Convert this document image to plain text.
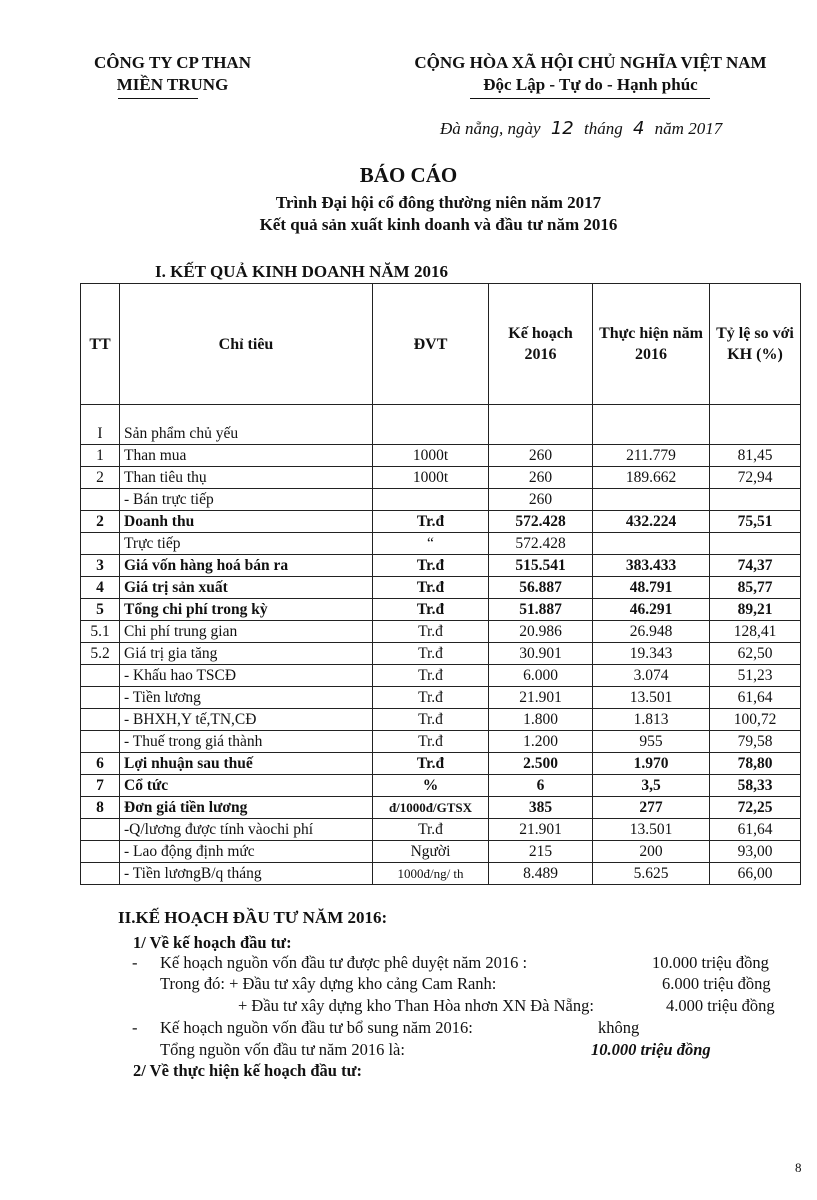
CÔNG TY CP THAN
MIỀN TRUNG
CỘNG HÒA XÃ HỘI CHỦ NGHĨA VIỆT NAM
Độc Lập - Tự do - Hạnh phúc
Đà nẵng, ngày 12 tháng 4 năm 2017
BÁO CÁO
Trình Đại hội cổ đông thường niên năm 2017
Kết quả sản xuất kinh doanh và đầu tư năm 2016
I. KẾT QUẢ KINH DOANH NĂM 2016
TT	Chỉ tiêu	ĐVT	Kế hoạch 2016	Thực hiện năm 2016	Tỷ lệ so với KH (%)
I	Sản phẩm chủ yếu				
1	Than mua	1000t	260	211.779	81,45
2	Than tiêu thụ	1000t	260	189.662	72,94
	- Bán trực tiếp		260		
2	Doanh thu	Tr.đ	572.428	432.224	75,51
	Trực tiếp	“	572.428		
3	Giá vốn hàng hoá bán ra	Tr.đ	515.541	383.433	74,37
4	Giá trị sản xuất	Tr.đ	56.887	48.791	85,77
5	Tổng chi phí trong kỳ	Tr.đ	51.887	46.291	89,21
5.1	Chi phí trung gian	Tr.đ	20.986	26.948	128,41
5.2	Giá trị gia tăng	Tr.đ	30.901	19.343	62,50
	- Khấu hao TSCĐ	Tr.đ	6.000	3.074	51,23
	- Tiền lương	Tr.đ	21.901	13.501	61,64
	- BHXH,Y tế,TN,CĐ	Tr.đ	1.800	1.813	100,72
	- Thuế trong giá thành	Tr.đ	1.200	955	79,58
6	Lợi nhuận sau thuế	Tr.đ	2.500	1.970	78,80
7	Cổ tức	%	6	3,5	58,33
8	Đơn giá tiền lương	đ/1000đ/GTSX	385	277	72,25
	-Q/lương được tính vàochi phí	Tr.đ	21.901	13.501	61,64
	- Lao động định mức	Người	215	200	93,00
	- Tiền lươngB/q tháng	1000đ/ng/ th	8.489	5.625	66,00
II.KẾ HOẠCH ĐẦU TƯ NĂM 2016:
1/ Về kế hoạch đầu tư:
- Kế hoạch nguồn vốn đầu tư được phê duyệt năm 2016 :	10.000 triệu đồng
Trong đó: + Đầu tư xây dựng kho cảng Cam Ranh:	6.000 triệu đồng
+ Đầu tư xây dựng kho Than Hòa nhơn XN Đà Nẵng:	4.000 triệu đồng
- Kế hoạch nguồn vốn đầu tư bổ sung năm 2016:	không
Tổng nguồn vốn đầu tư năm 2016 là:	10.000 triệu đồng
2/ Về thực hiện kế hoạch đầu tư:
8
